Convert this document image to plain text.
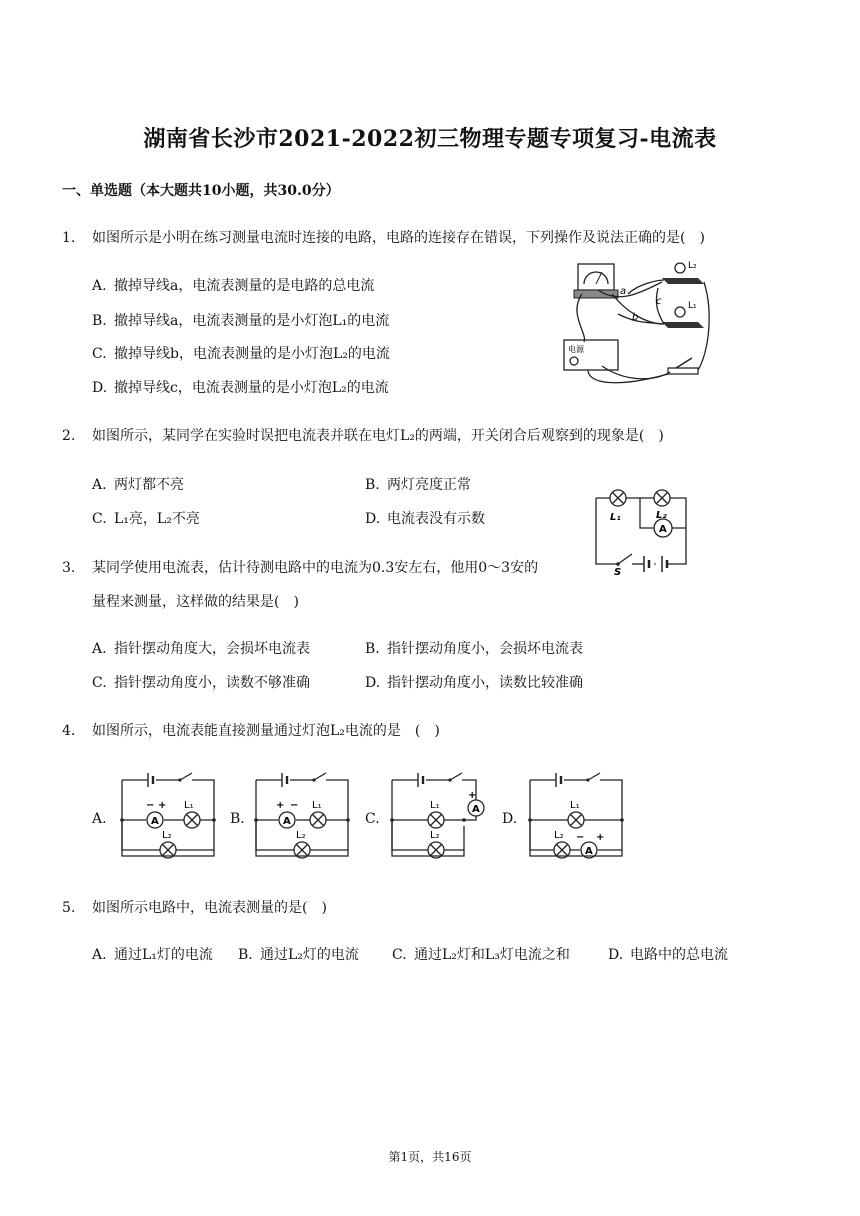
湖南省长沙市2021-2022初三物理专题专项复习-电流表
一、单选题（本大题共10小题，共30.0分）
1. 如图所示是小明在练习测量电流时连接的电路，电路的连接存在错误，下列操作及说法正确的是(　)
A. 撤掉导线a，电流表测量的是电路的总电流
B. 撤掉导线a，电流表测量的是小灯泡L₁的电流
C. 撤掉导线b，电流表测量的是小灯泡L₂的电流
D. 撤掉导线c，电流表测量的是小灯泡L₂的电流
L₂
L₁
电源
a
b
c
2. 如图所示，某同学在实验时误把电流表并联在电灯L₂的两端，开关闭合后观察到的现象是(　)
A. 两灯都不亮	B. 两灯亮度正常
C. L₁亮，L₂不亮	D. 电流表没有示数
A
L₁	L₂
S
3. 某同学使用电流表，估计待测电路中的电流为0.3安左右，他用0～3安的
量程来测量，这样做的结果是(　)
A. 指针摆动角度大，会损坏电流表	B. 指针摆动角度小，会损坏电流表
C. 指针摆动角度小，读数不够准确	D. 指针摆动角度小，读数比较准确
4. 如图所示，电流表能直接测量通过灯泡L₂电流的是　(　)
A.	B.	C.	D.
A
− + L₁
L₂
A
+ − L₁
L₂
A
+
L₁
L₂
L₁
L₂
A
− +
5. 如图所示电路中，电流表测量的是(　)
A. 通过L₁灯的电流 B. 通过L₂灯的电流 C. 通过L₂灯和L₃灯电流之和	D. 电路中的总电流
第1页，共16页
